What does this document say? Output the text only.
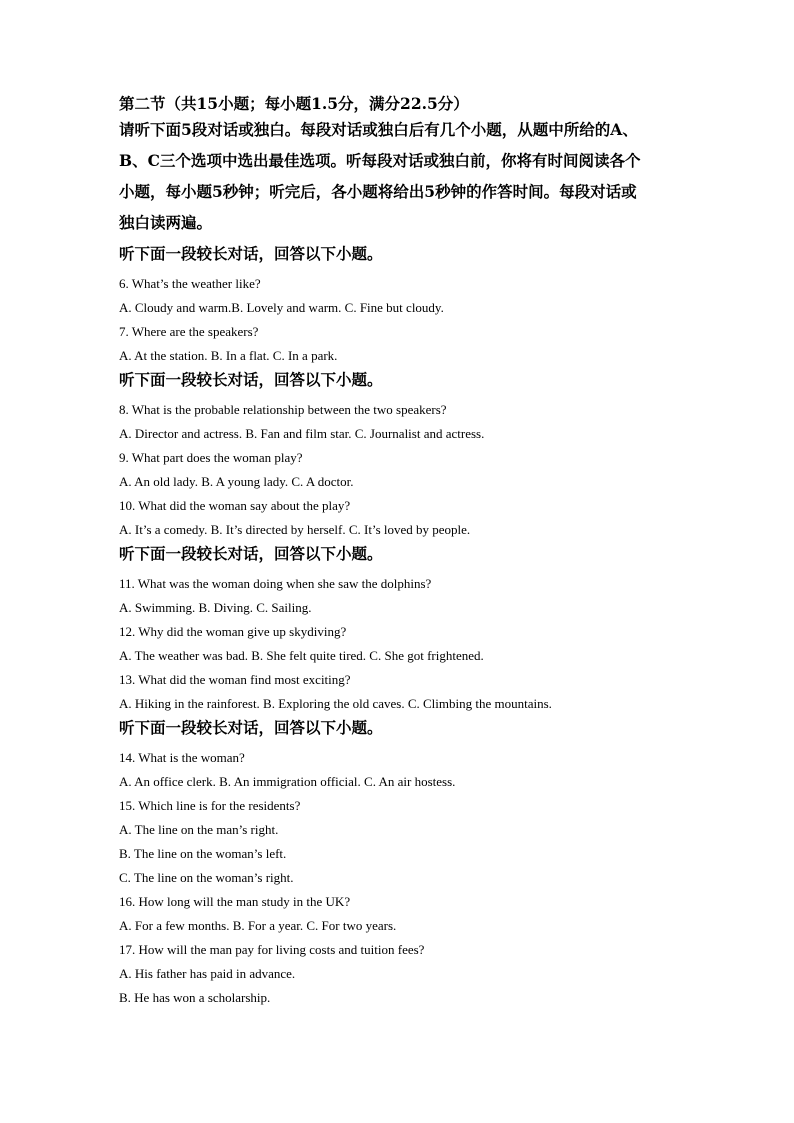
第二节（共15小题；每小题1.5分，满分22.5分）

请听下面5段对话或独白。每段对话或独白后有几个小题，从题中所给的A、

B、C三个选项中选出最佳选项。听每段对话或独白前，你将有时间阅读各个

小题，每小题5秒钟；听完后，各小题将给出5秒钟的作答时间。每段对话或

独白读两遍。

听下面一段较长对话，回答以下小题。

6. What’s the weather like?

A. Cloudy and warm.B. Lovely and warm. C. Fine but cloudy.

7. Where are the speakers?

A. At the station. B. In a flat. C. In a park.

听下面一段较长对话，回答以下小题。

8. What is the probable relationship between the two speakers?

A. Director and actress. B. Fan and film star. C. Journalist and actress.

9. What part does the woman play?

A. An old lady. B. A young lady. C. A doctor.

10. What did the woman say about the play?

A. It’s a comedy. B. It’s directed by herself. C. It’s loved by people.

听下面一段较长对话，回答以下小题。

11. What was the woman doing when she saw the dolphins?

A. Swimming. B. Diving. C. Sailing.

12. Why did the woman give up skydiving?

A. The weather was bad. B. She felt quite tired. C. She got frightened.

13. What did the woman find most exciting?

A. Hiking in the rainforest. B. Exploring the old caves. C. Climbing the mountains.

听下面一段较长对话，回答以下小题。

14. What is the woman?

A. An office clerk. B. An immigration official. C. An air hostess.

15. Which line is for the residents?

A. The line on the man’s right.

B. The line on the woman’s left.

C. The line on the woman’s right.

16. How long will the man study in the UK?

A. For a few months. B. For a year. C. For two years.

17. How will the man pay for living costs and tuition fees?

A. His father has paid in advance.

B. He has won a scholarship.
